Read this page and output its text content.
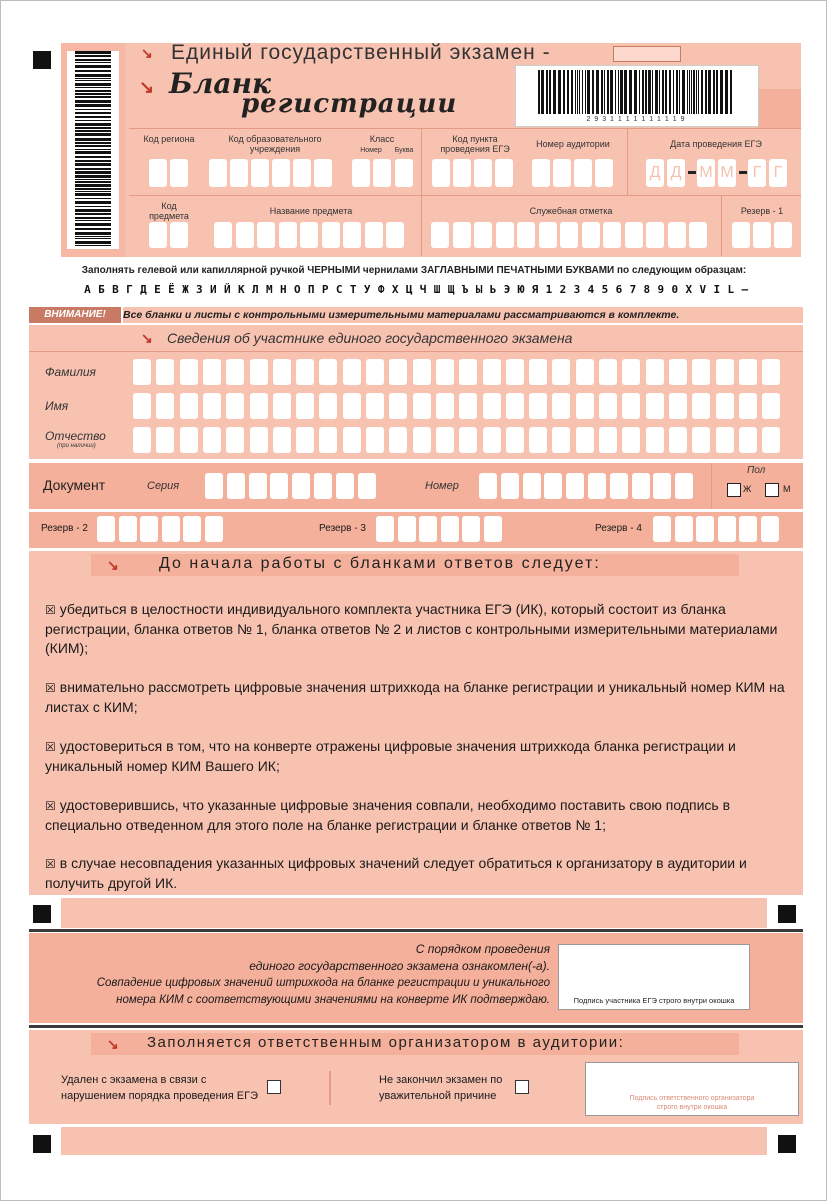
↘ Единый государственный экзамен -
↘ Бланк
регистрации
2 9 3 1 1 1 1 1 1 1 1 1 9
Код региона	Код образовательного учреждения
Класс
Номер	Буква
Код пункта проведения ЕГЭ	Номер аудитории	Дата проведения ЕГЭ
Д Д М М Г Г
Код предмета	Название предмета	Служебная отметка	Резерв - 1
Заполнять гелевой или капиллярной ручкой ЧЕРНЫМИ чернилами ЗАГЛАВНЫМИ ПЕЧАТНЫМИ БУКВАМИ по следующим образцам:
А Б В Г Д Е Ё Ж З И Й К Л М Н О П Р С Т У Ф Х Ц Ч Ш Щ Ъ Ы Ь Э Ю Я 1 2 3 4 5 6 7 8 9 0 X V I L –
ВНИМАНИЕ!	Все бланки и листы с контрольными измерительными материалами рассматриваются в комплекте.
↘ Сведения об участнике единого государственного экзамена
Фамилия
Имя
Отчество
(при наличии)
Документ	Серия	Номер
Пол
Ж	М
Резерв - 2	Резерв - 3	Резерв - 4
↘	До начала работы с бланками ответов следует:
☒ убедиться в целостности индивидуального комплекта участника ЕГЭ (ИК), который состоит из бланка регистрации, бланка ответов № 1, бланка ответов № 2 и листов с контрольными измерительными материалами (КИМ);
☒ внимательно рассмотреть цифровые значения штрихкода на бланке регистрации и уникальный номер КИМ на листах с КИМ;
☒ удостовериться в том, что на конверте отражены цифровые значения штрихкода бланка регистрации и уникальный номер КИМ Вашего ИК;
☒ удостоверившись, что указанные цифровые значения совпали, необходимо поставить свою подпись в специально отведенном для этого поле на бланке регистрации и бланке ответов № 1;
☒ в случае несовпадения указанных цифровых значений следует обратиться к организатору в аудитории и получить другой ИК.
С порядком проведения
единого государственного экзамена ознакомлен(-а).
Совпадение цифровых значений штрихкода на бланке регистрации и уникального
номера КИМ с соответствующими значениями на конверте ИК подтверждаю.	Подпись участника ЕГЭ строго внутри окошка
↘ Заполняется ответственным организатором в аудитории:
Удален с экзамена в связи с
нарушением порядка проведения ЕГЭ
Не закончил экзамен по
уважительной причине	Подпись ответственного организатора
строго внутри окошка
